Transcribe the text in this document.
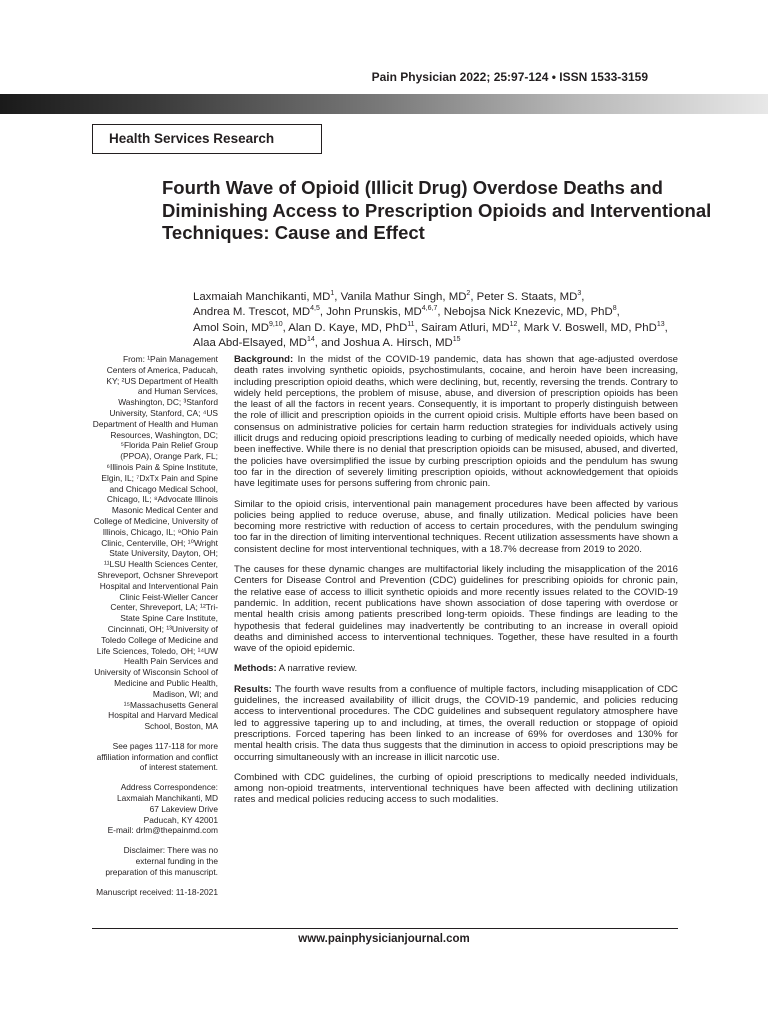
Pain Physician 2022; 25:97-124 • ISSN 1533-3159
Health Services Research
Fourth Wave of Opioid (Illicit Drug) Overdose Deaths and Diminishing Access to Prescription Opioids and Interventional Techniques: Cause and Effect
Laxmaiah Manchikanti, $MD^1$, Vanila Mathur Singh, $MD^2$, Peter S. Staats, $MD^3$,
Andrea M. Trescot, MD$^{4,5}$, John Prunskis, MD$^{4,6,7}$, Nebojsa Nick Knezevic, MD, PhD$^8$,
Amol Soin, MD$^{9,10}$, Alan D. Kaye, MD, PhD$^{11}$, Sairam Atluri, MD$^{12}$, Mark V. Boswell, MD, PhD$^{13}$,
Alaa Abd-Elsayed, MD$^{14}$, and Joshua A. Hirsch, MD$^{15}$

From: ¹Pain Management Centers of America, Paducah, KY; ²US Department of Health and Human Services, Washington, DC; ³Stanford University, Stanford, CA; ⁴US Department of Health and Human Resources, Washington, DC; ⁵Florida Pain Relief Group (PPOA), Orange Park, FL; ⁶Illinois Pain & Spine Institute, Elgin, IL; ⁷DxTx Pain and Spine and Chicago Medical School, Chicago, IL; ⁸Advocate Illinois Masonic Medical Center and College of Medicine, University of Illinois, Chicago, IL; ⁹Ohio Pain Clinic, Centerville, OH; ¹⁰Wright State University, Dayton, OH; ¹¹LSU Health Sciences Center, Shreveport, Ochsner Shreveport Hospital and Interventional Pain Clinic Feist-Wieller Cancer Center, Shreveport, LA; ¹²Tri-State Spine Care Institute, Cincinnati, OH; ¹³University of Toledo College of Medicine and Life Sciences, Toledo, OH; ¹⁴UW Health Pain Services and University of Wisconsin School of Medicine and Public Health, Madison, WI; and ¹⁵Massachusetts General Hospital and Harvard Medical School, Boston, MA

See pages 117-118 for more affiliation information and conflict of interest statement.

Address Correspondence:
Laxmaiah Manchikanti, MD
67 Lakeview Drive
Paducah, KY 42001
E-mail: drlm@thepainmd.com

Disclaimer: There was no external funding in the preparation of this manuscript.

Manuscript received: 11-18-2021

Background: In the midst of the COVID-19 pandemic, data has shown that age-adjusted overdose death rates involving synthetic opioids, psychostimulants, cocaine, and heroin have been increasing, including prescription opioid deaths, which were declining, but, recently, reversing the trends. Contrary to widely held perceptions, the problem of misuse, abuse, and diversion of prescription opioids has been the least of all the factors in recent years. Consequently, it is important to properly distinguish between the role of illicit and prescription opioids in the current opioid crisis. Multiple efforts have been based on consensus on administrative policies for certain harm reduction strategies for individuals actively using illicit drugs and reducing opioid prescriptions leading to curbing of medically needed opioids, which have been ineffective. While there is no denial that prescription opioids can be misused, abused, and diverted, the policies have oversimplified the issue by curbing prescription opioids and the pendulum has swung too far in the direction of severely limiting prescription opioids, without acknowledgement that opioids have legitimate uses for persons suffering from chronic pain.

Similar to the opioid crisis, interventional pain management procedures have been affected by various policies being applied to reduce overuse, abuse, and finally utilization. Medical policies have been becoming more restrictive with reduction of access to certain procedures, with the pendulum swinging too far in the direction of limiting interventional techniques. Recent utilization assessments have shown a consistent decline for most interventional techniques, with a 18.7% decrease from 2019 to 2020.

The causes for these dynamic changes are multifactorial likely including the misapplication of the 2016 Centers for Disease Control and Prevention (CDC) guidelines for prescribing opioids for chronic pain, the relative ease of access to illicit synthetic opioids and more recently issues related to the COVID-19 pandemic. In addition, recent publications have shown association of dose tapering with overdose or mental health crisis among patients prescribed long-term opioids. These findings are leading to the hypothesis that federal guidelines may inadvertently be contributing to an increase in overall opioid deaths and diminished access to interventional techniques. Together, these have resulted in a fourth wave of the opioid epidemic.

Methods: A narrative review.

Results: The fourth wave results from a confluence of multiple factors, including misapplication of CDC guidelines, the increased availability of illicit drugs, the COVID-19 pandemic, and policies reducing access to interventional procedures. The CDC guidelines and subsequent regulatory atmosphere have led to aggressive tapering up to and including, at times, the overall reduction or stoppage of opioid prescriptions. Forced tapering has been linked to an increase of 69% for overdoses and 130% for mental health crisis. The data thus suggests that the diminution in access to opioid prescriptions may be occurring simultaneously with an increase in illicit narcotic use.

Combined with CDC guidelines, the curbing of opioid prescriptions to medically needed individuals, among non-opioid treatments, interventional techniques have been affected with declining utilization rates and medical policies reducing access to such modalities.

www.painphysicianjournal.com
